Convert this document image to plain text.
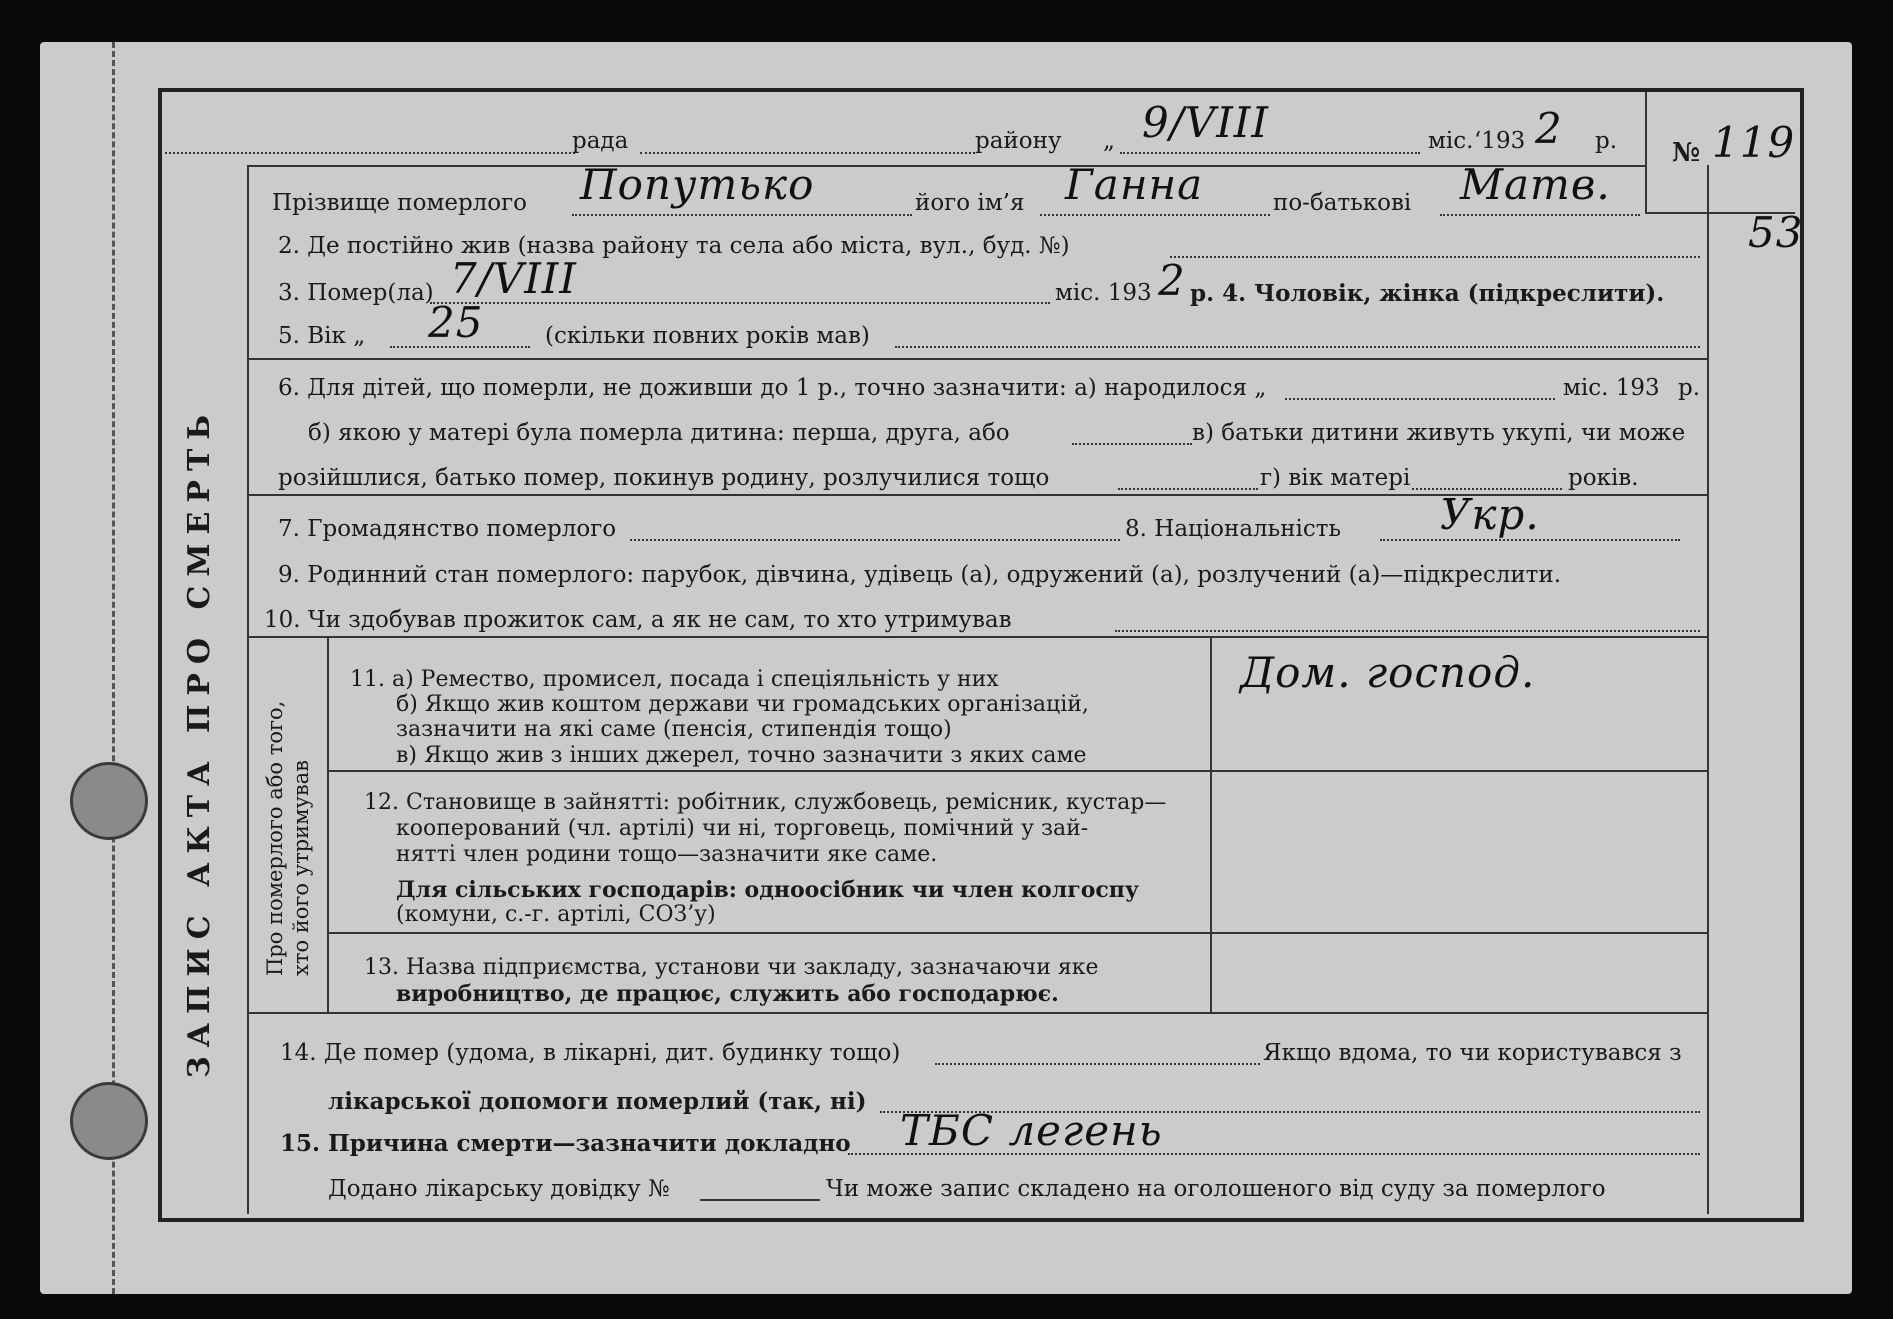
ЗАПИС АКТА ПРО СМЕРТЬ Про померлого або того, хто його утримував
рада	району „ 9/VIII	міс. ‘193 2 р. № 119
53
Прізвище померлого Попутько	його ім’я Ганна	по-батькові Матв.
2. Де постійно жив (назва району та села або міста, вул., буд. №)
3. Помер(ла) 7/VIII	міс. 193 2 р. 4. Чоловік, жінка (підкреслити).
5. Вік „ 25	(скільки повних років мав)
6. Для дітей, що померли, не доживши до 1 р., точно зазначити: а) народилося „	міс. 193 р.
б) якою у матері була померла дитина: перша, друга, або	в) батьки дитини живуть укупі, чи може
розійшлися, батько помер, покинув родину, розлучилися тощо	г) вік матері	років.
7. Громадянство померлого	8. Національність Укр.
9. Родинний стан померлого: парубок, дівчина, удівець (а), одружений (а), розлучений (а)—підкреслити.
10. Чи здобував прожиток сам, а як не сам, то хто утримував
11. а) Ремество, промисел, посада і спеціяльність у них
б) Якщо жив коштом держави чи громадських організацій,
зазначити на які саме (пенсія, стипендія тощо)
в) Якщо жив з інших джерел, точно зазначити з яких саме
Дом. господ.
12. Становище в зайнятті: робітник, службовець, ремісник, кустар—
кооперований (чл. артілі) чи ні, торговець, помічний у зай-
нятті член родини тощо—зазначити яке саме.
Для сільських господарів: одноосібник чи член колгоспу
(комуни, с.-г. артілі, СОЗ’у)
13. Назва підприємства, установи чи закладу, зазначаючи яке
виробництво, де працює, служить або господарює.
14. Де помер (удома, в лікарні, дит. будинку тощо)	Якщо вдома, то чи користувався з
лікарської допомоги померлий (так, ні)
15. Причина смерти—зазначити докладно ТБС легень
Додано лікарську довідку №	Чи може запис складено на оголошеного від суду за померлого
